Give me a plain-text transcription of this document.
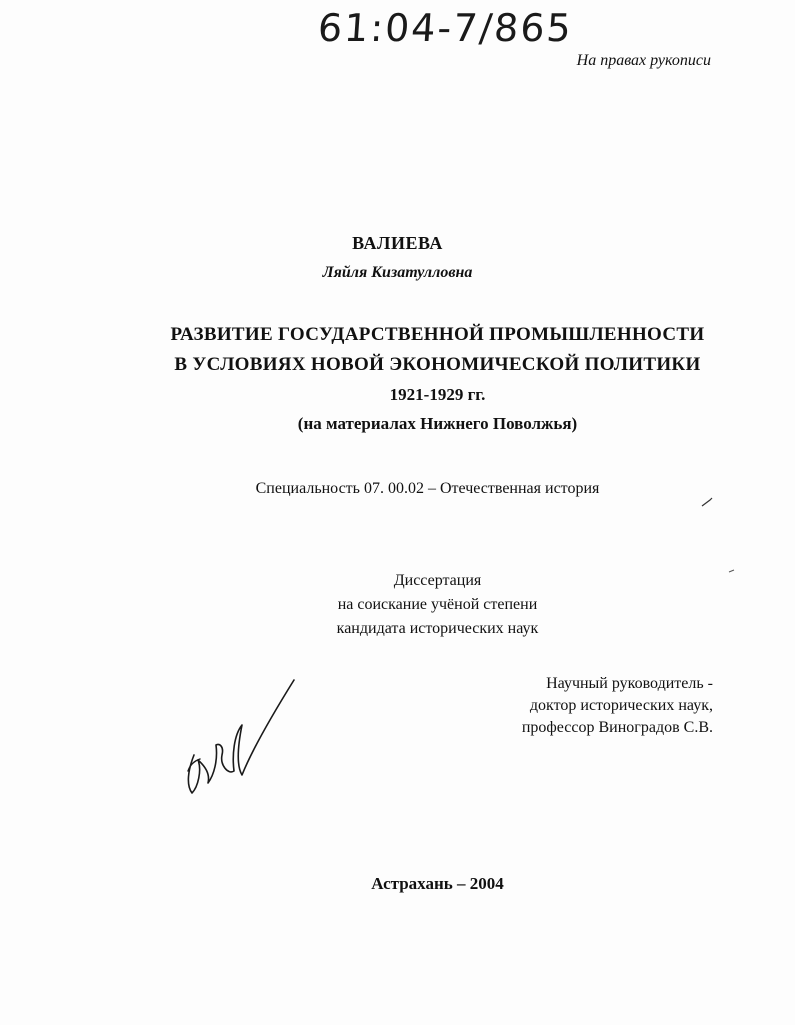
61:04-7/865
На правах рукописи
ВАЛИЕВА
Ляйля Кизатулловна
РАЗВИТИЕ ГОСУДАРСТВЕННОЙ ПРОМЫШЛЕННОСТИ
В УСЛОВИЯХ НОВОЙ ЭКОНОМИЧЕСКОЙ ПОЛИТИКИ
1921-1929 гг.
(на материалах Нижнего Поволжья)
Специальность 07. 00.02 – Отечественная история
Диссертация
на соискание учёной степени
кандидата исторических наук
Научный руководитель -
доктор исторических наук,
профессор Виноградов С.В.
Астрахань – 2004
